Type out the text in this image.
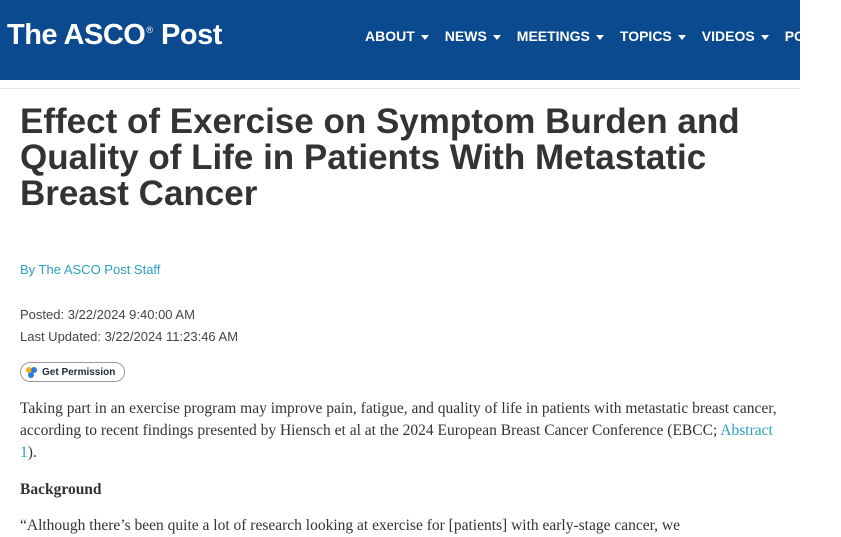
The ASCO® Post	ABOUT NEWS MEETINGS TOPICS VIDEOS PODC
Effect of Exercise on Symptom Burden and Quality of Life in Patients With Metastatic Breast Cancer
By The ASCO Post Staff
Posted: 3/22/2024 9:40:00 AM
Last Updated: 3/22/2024 11:23:46 AM
Get Permission

Taking part in an exercise program may improve pain, fatigue, and quality of life in patients with metastatic breast cancer, according to recent findings presented by Hiensch et al at the 2024 European Breast Cancer Conference (EBCC; Abstract 1).

Background

“Although there’s been quite a lot of research looking at exercise for [patients] with early-stage cancer, we
